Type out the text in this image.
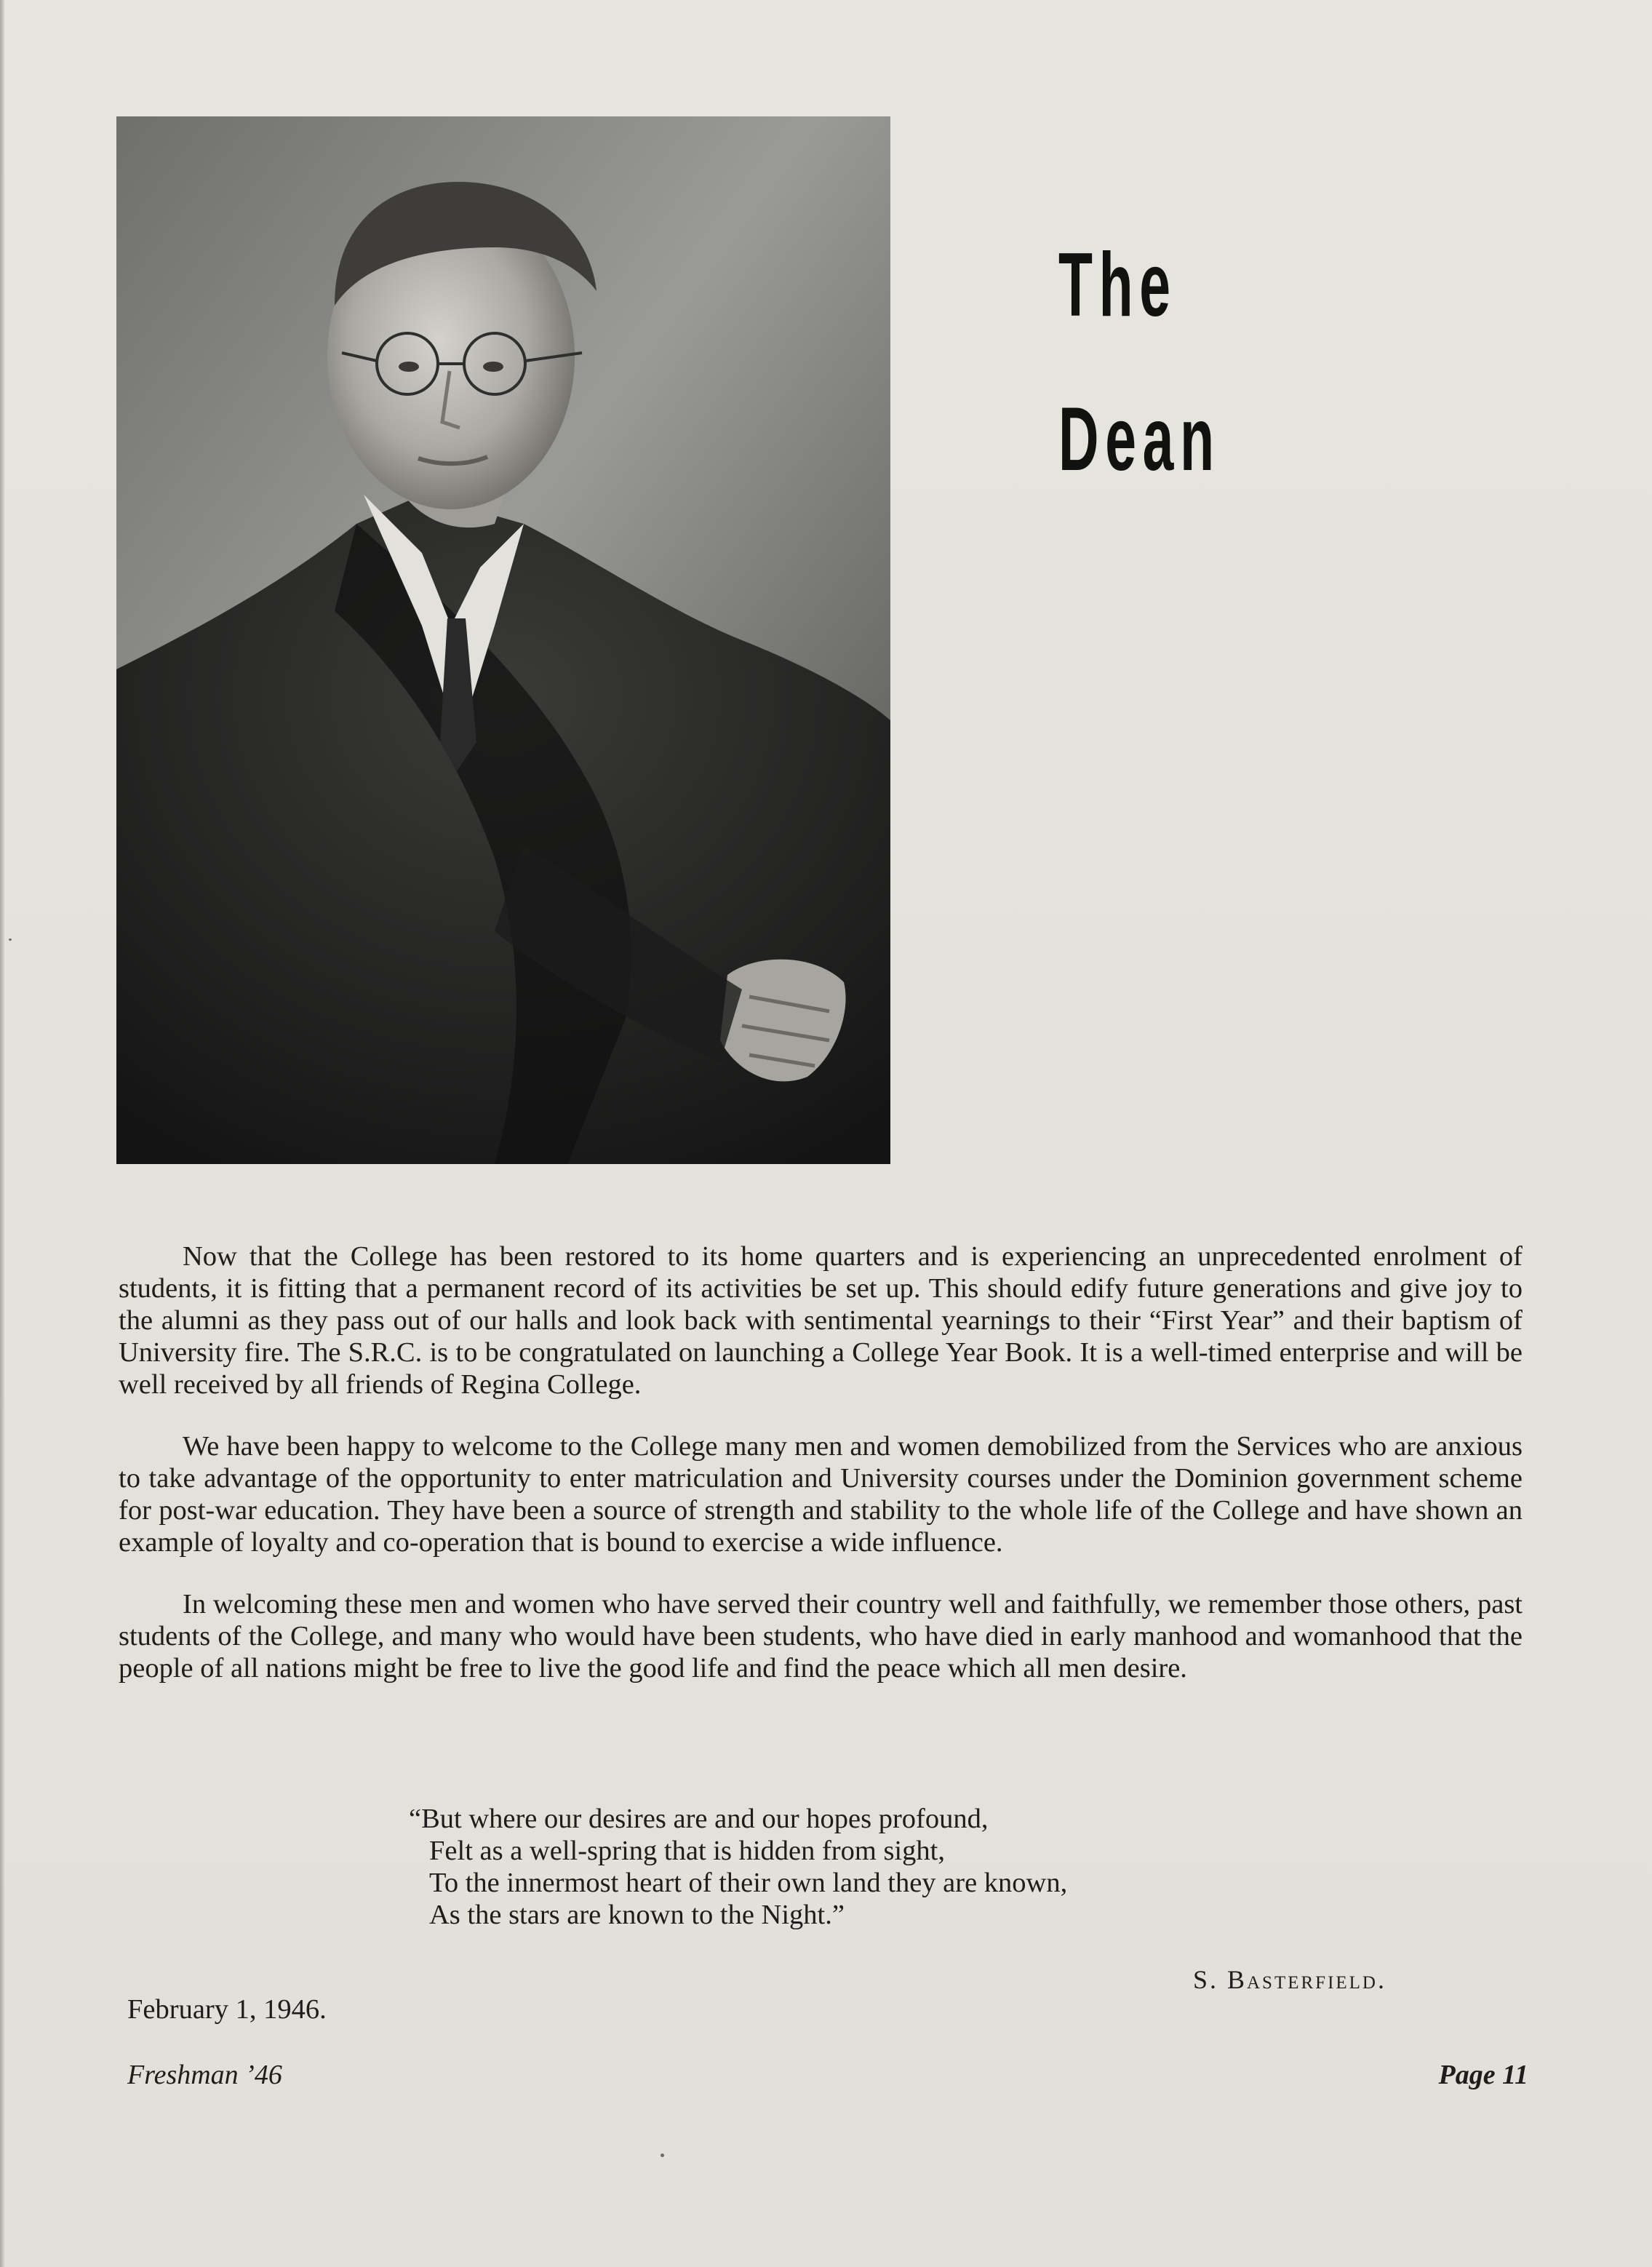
The
Dean

Now that the College has been restored to its home quarters and is experiencing an unprecedented enrolment of students, it is fitting that a permanent record of its activities be set up. This should edify future generations and give joy to the alumni as they pass out of our halls and look back with sentimental yearnings to their “First Year” and their baptism of University fire. The S.R.C. is to be congratulated on launching a College Year Book. It is a well-timed enterprise and will be well received by all friends of Regina College.

We have been happy to welcome to the College many men and women demobilized from the Services who are anxious to take advantage of the opportunity to enter matriculation and University courses under the Dominion government scheme for post-war education. They have been a source of strength and stability to the whole life of the College and have shown an example of loyalty and co-operation that is bound to exercise a wide influence.

In welcoming these men and women who have served their country well and faithfully, we remember those others, past students of the College, and many who would have been students, who have died in early manhood and womanhood that the people of all nations might be free to live the good life and find the peace which all men desire.

“But where our desires are and our hopes profound,
Felt as a well-spring that is hidden from sight,
To the innermost heart of their own land they are known,
As the stars are known to the Night.”
S. Basterfield.
February 1, 1946.
Freshman ’46	Page 11
